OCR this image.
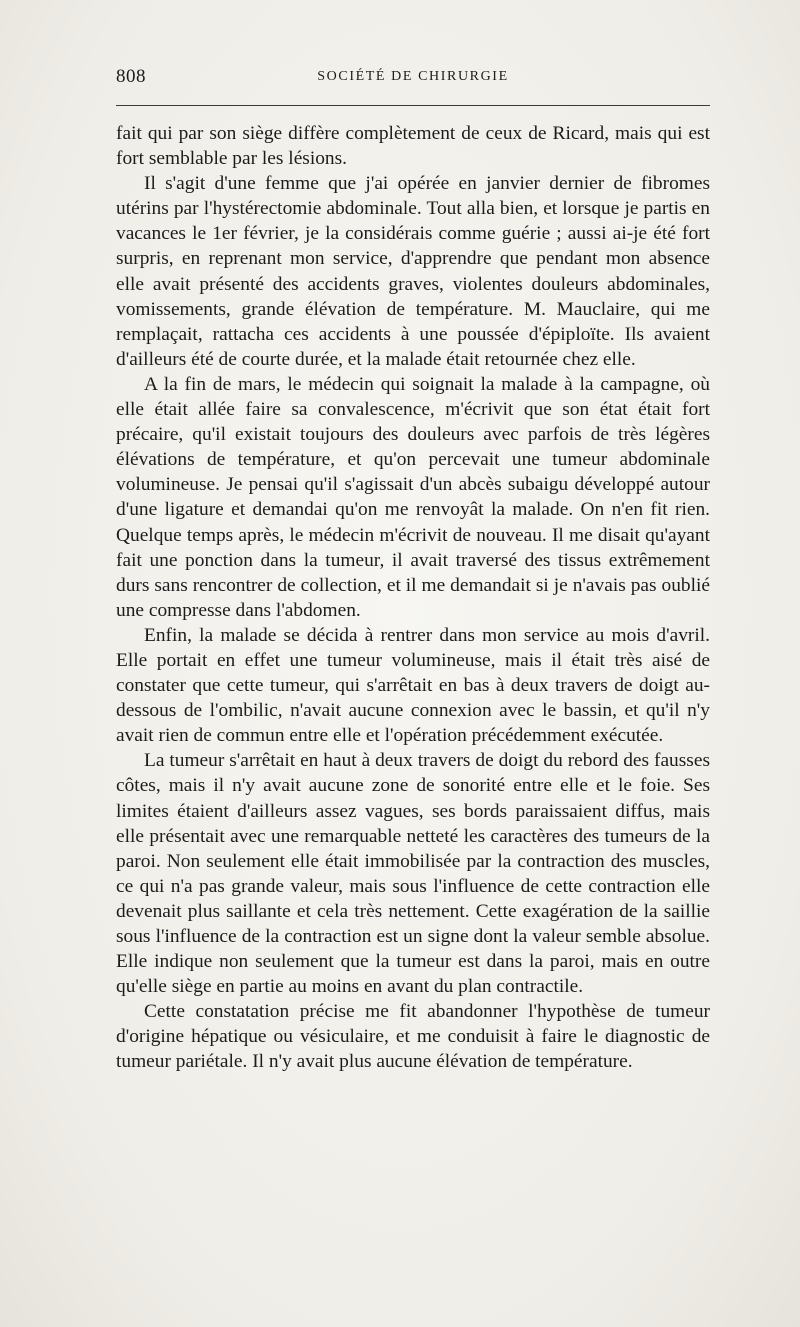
808	SOCIÉTÉ DE CHIRURGIE

fait qui par son siège diffère complètement de ceux de Ricard, mais qui est fort semblable par les lésions.

Il s'agit d'une femme que j'ai opérée en janvier dernier de fibromes utérins par l'hystérectomie abdominale. Tout alla bien, et lorsque je partis en vacances le 1er février, je la considérais comme guérie ; aussi ai-je été fort surpris, en reprenant mon service, d'apprendre que pendant mon absence elle avait présenté des accidents graves, violentes douleurs abdominales, vomissements, grande élévation de température. M. Mauclaire, qui me remplaçait, rattacha ces accidents à une poussée d'épiploïte. Ils avaient d'ailleurs été de courte durée, et la malade était retournée chez elle.

A la fin de mars, le médecin qui soignait la malade à la campagne, où elle était allée faire sa convalescence, m'écrivit que son état était fort précaire, qu'il existait toujours des douleurs avec parfois de très légères élévations de température, et qu'on percevait une tumeur abdominale volumineuse. Je pensai qu'il s'agissait d'un abcès subaigu développé autour d'une ligature et demandai qu'on me renvoyât la malade. On n'en fit rien. Quelque temps après, le médecin m'écrivit de nouveau. Il me disait qu'ayant fait une ponction dans la tumeur, il avait traversé des tissus extrêmement durs sans rencontrer de collection, et il me demandait si je n'avais pas oublié une compresse dans l'abdomen.

Enfin, la malade se décida à rentrer dans mon service au mois d'avril. Elle portait en effet une tumeur volumineuse, mais il était très aisé de constater que cette tumeur, qui s'arrêtait en bas à deux travers de doigt au-dessous de l'ombilic, n'avait aucune connexion avec le bassin, et qu'il n'y avait rien de commun entre elle et l'opération précédemment exécutée.

La tumeur s'arrêtait en haut à deux travers de doigt du rebord des fausses côtes, mais il n'y avait aucune zone de sonorité entre elle et le foie. Ses limites étaient d'ailleurs assez vagues, ses bords paraissaient diffus, mais elle présentait avec une remarquable netteté les caractères des tumeurs de la paroi. Non seulement elle était immobilisée par la contraction des muscles, ce qui n'a pas grande valeur, mais sous l'influence de cette contraction elle devenait plus saillante et cela très nettement. Cette exagération de la saillie sous l'influence de la contraction est un signe dont la valeur semble absolue. Elle indique non seulement que la tumeur est dans la paroi, mais en outre qu'elle siège en partie au moins en avant du plan contractile.

Cette constatation précise me fit abandonner l'hypothèse de tumeur d'origine hépatique ou vésiculaire, et me conduisit à faire le diagnostic de tumeur pariétale. Il n'y avait plus aucune élévation de température.
